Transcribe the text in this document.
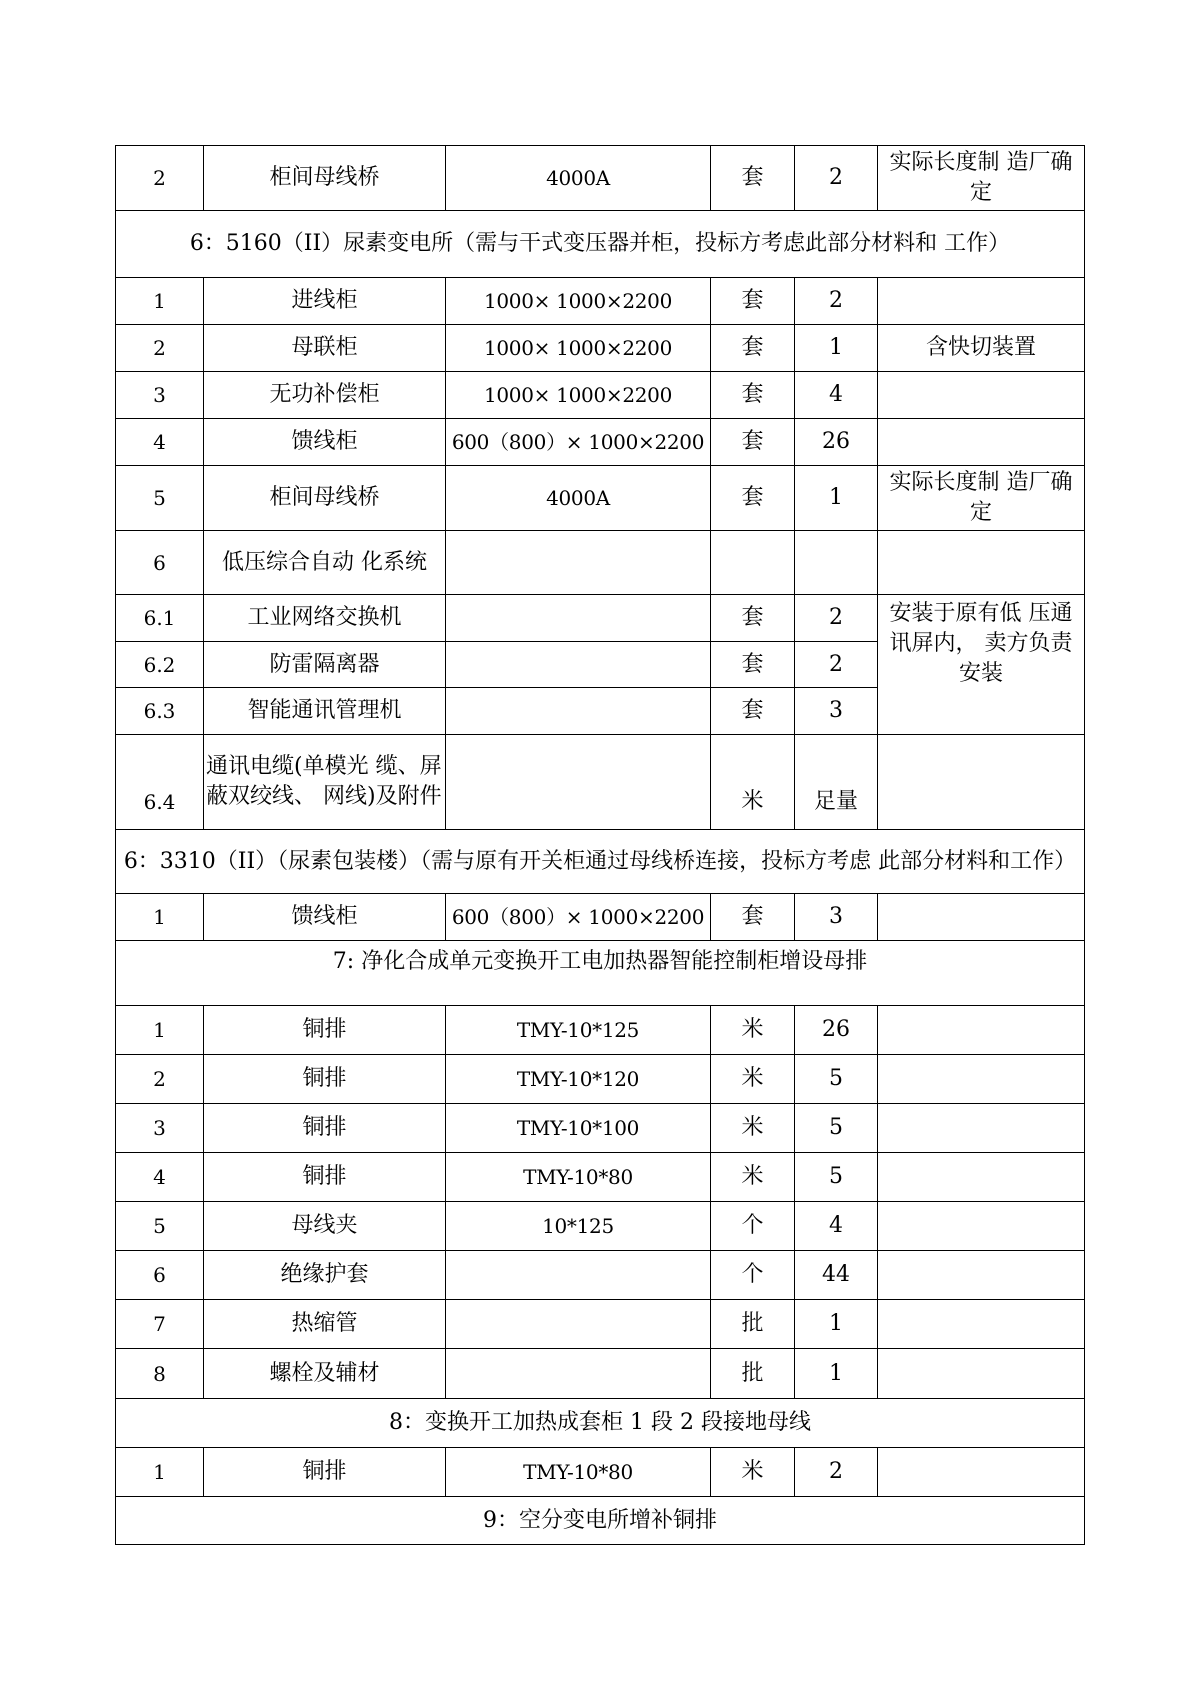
2	柜间母线桥	4000A	套	2	实际长度制 造厂确定
6：5160（II）尿素变电所（需与干式变压器并柜，投标方考虑此部分材料和 工作）					
1	进线柜	1000× 1000×2200	套	2	
2	母联柜	1000× 1000×2200	套	1	含快切装置
3	无功补偿柜	1000× 1000×2200	套	4	
4	馈线柜	600（800）× 1000×2200	套	26	
5	柜间母线桥	4000A	套	1	实际长度制 造厂确定
6	低压综合自动 化系统				
6.1	工业网络交换机		套	2	安装于原有低 压通讯屏内， 卖方负责安装
6.2	防雷隔离器		套	2	
6.3	智能通讯管理机		套	3	
6.4	通讯电缆(单模光 缆、屏蔽双绞线、 网线)及附件		米	足量	
6：3310（II）（尿素包装楼）（需与原有开关柜通过母线桥连接，投标方考虑 此部分材料和工作）					
1	馈线柜	600（800）× 1000×2200	套	3	
7: 净化合成单元变换开工电加热器智能控制柜增设母排					
1	铜排	TMY-10*125	米	26	
2	铜排	TMY-10*120	米	5	
3	铜排	TMY-10*100	米	5	
4	铜排	TMY-10*80	米	5	
5	母线夹	10*125	个	4	
6	绝缘护套		个	44	
7	热缩管		批	1	
8	螺栓及辅材		批	1	
8：变换开工加热成套柜 1 段 2 段接地母线					
1	铜排	TMY-10*80	米	2	
9：空分变电所增补铜排					
